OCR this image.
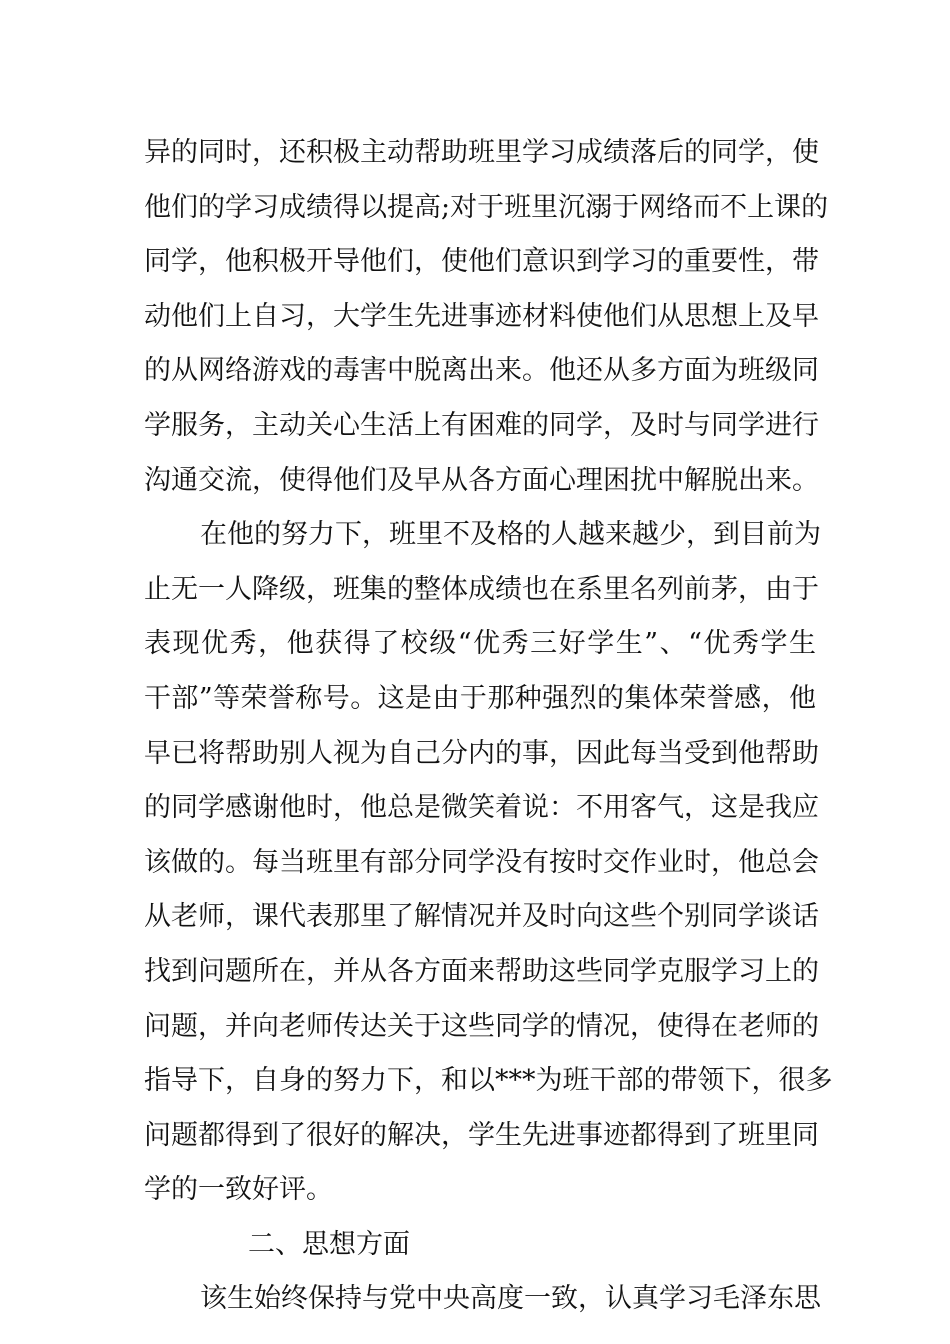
异的同时，还积极主动帮助班里学习成绩落后的同学，使
他们的学习成绩得以提高;对于班里沉溺于网络而不上课的
同学，他积极开导他们，使他们意识到学习的重要性，带
动他们上自习，大学生先进事迹材料使他们从思想上及早
的从网络游戏的毒害中脱离出来。他还从多方面为班级同
学服务，主动关心生活上有困难的同学，及时与同学进行
沟通交流，使得他们及早从各方面心理困扰中解脱出来。
在他的努力下，班里不及格的人越来越少，到目前为
止无一人降级，班集的整体成绩也在系里名列前茅，由于
表现优秀，他获得了校级“优秀三好学生”、“优秀学生
干部”等荣誉称号。这是由于那种强烈的集体荣誉感，他
早已将帮助别人视为自己分内的事，因此每当受到他帮助
的同学感谢他时，他总是微笑着说：不用客气，这是我应
该做的。每当班里有部分同学没有按时交作业时，他总会
从老师，课代表那里了解情况并及时向这些个别同学谈话
找到问题所在，并从各方面来帮助这些同学克服学习上的
问题，并向老师传达关于这些同学的情况，使得在老师的
指导下，自身的努力下，和以***为班干部的带领下，很多
问题都得到了很好的解决，学生先进事迹都得到了班里同
学的一致好评。
二、思想方面
该生始终保持与党中央高度一致，认真学习毛泽东思
